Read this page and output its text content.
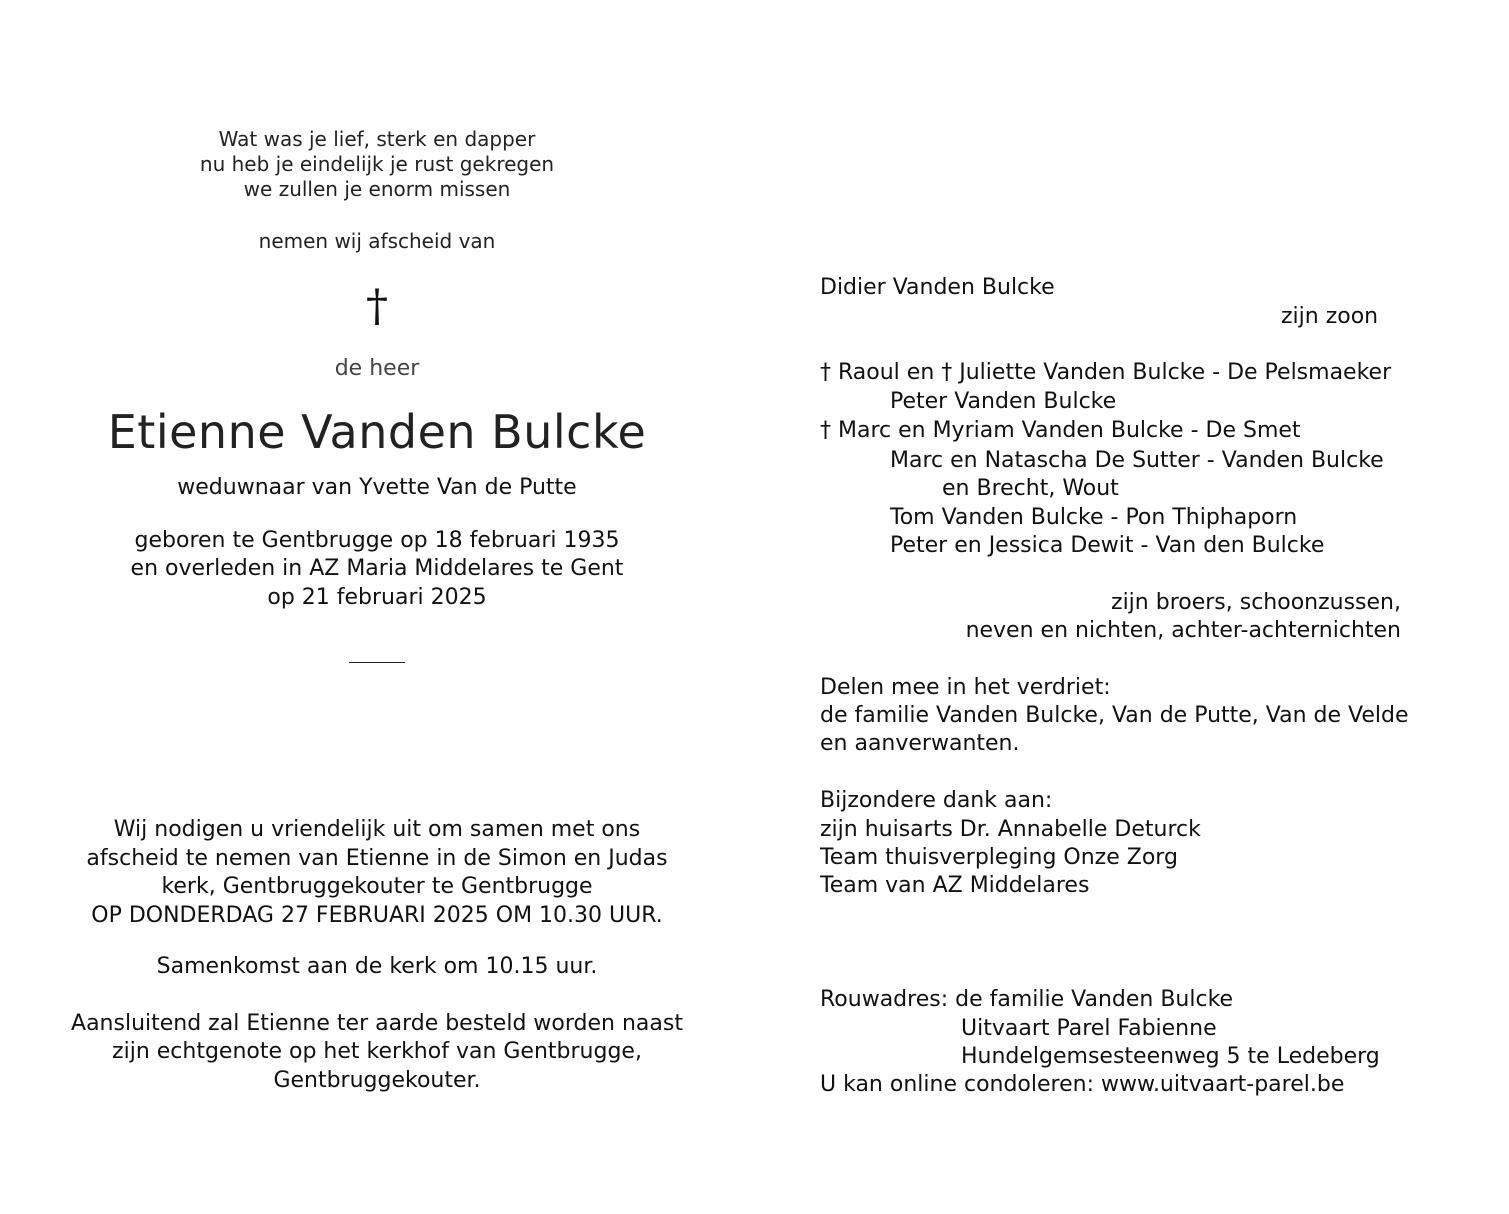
Wat was je lief, sterk en dapper

nu heb je eindelijk je rust gekregen

we zullen je enorm missen

nemen wij afscheid van

†

de heer

Etienne Vanden Bulcke

weduwnaar van Yvette Van de Putte

geboren te Gentbrugge op 18 februari 1935

en overleden in AZ Maria Middelares te Gent

op 21 februari 2025

Wij nodigen u vriendelijk uit om samen met ons

afscheid te nemen van Etienne in de Simon en Judas

kerk, Gentbruggekouter te Gentbrugge

OP DONDERDAG 27 FEBRUARI 2025 OM 10.30 UUR.

Samenkomst aan de kerk om 10.15 uur.

Aansluitend zal Etienne ter aarde besteld worden naast

zijn echtgenote op het kerkhof van Gentbrugge,

Gentbruggekouter.

Didier Vanden Bulcke

zijn zoon

† Raoul en † Juliette Vanden Bulcke - De Pelsmaeker

Peter Vanden Bulcke

† Marc en Myriam Vanden Bulcke - De Smet

Marc en Natascha De Sutter - Vanden Bulcke

en Brecht, Wout

Tom Vanden Bulcke - Pon Thiphaporn

Peter en Jessica Dewit - Van den Bulcke

zijn broers, schoonzussen,

neven en nichten, achter-achternichten

Delen mee in het verdriet:

de familie Vanden Bulcke, Van de Putte, Van de Velde

en aanverwanten.

Bijzondere dank aan:

zijn huisarts Dr. Annabelle Deturck

Team thuisverpleging Onze Zorg

Team van AZ Middelares

Rouwadres: de familie Vanden Bulcke

Uitvaart Parel Fabienne

Hundelgemsesteenweg 5 te Ledeberg

U kan online condoleren: www.uitvaart-parel.be
